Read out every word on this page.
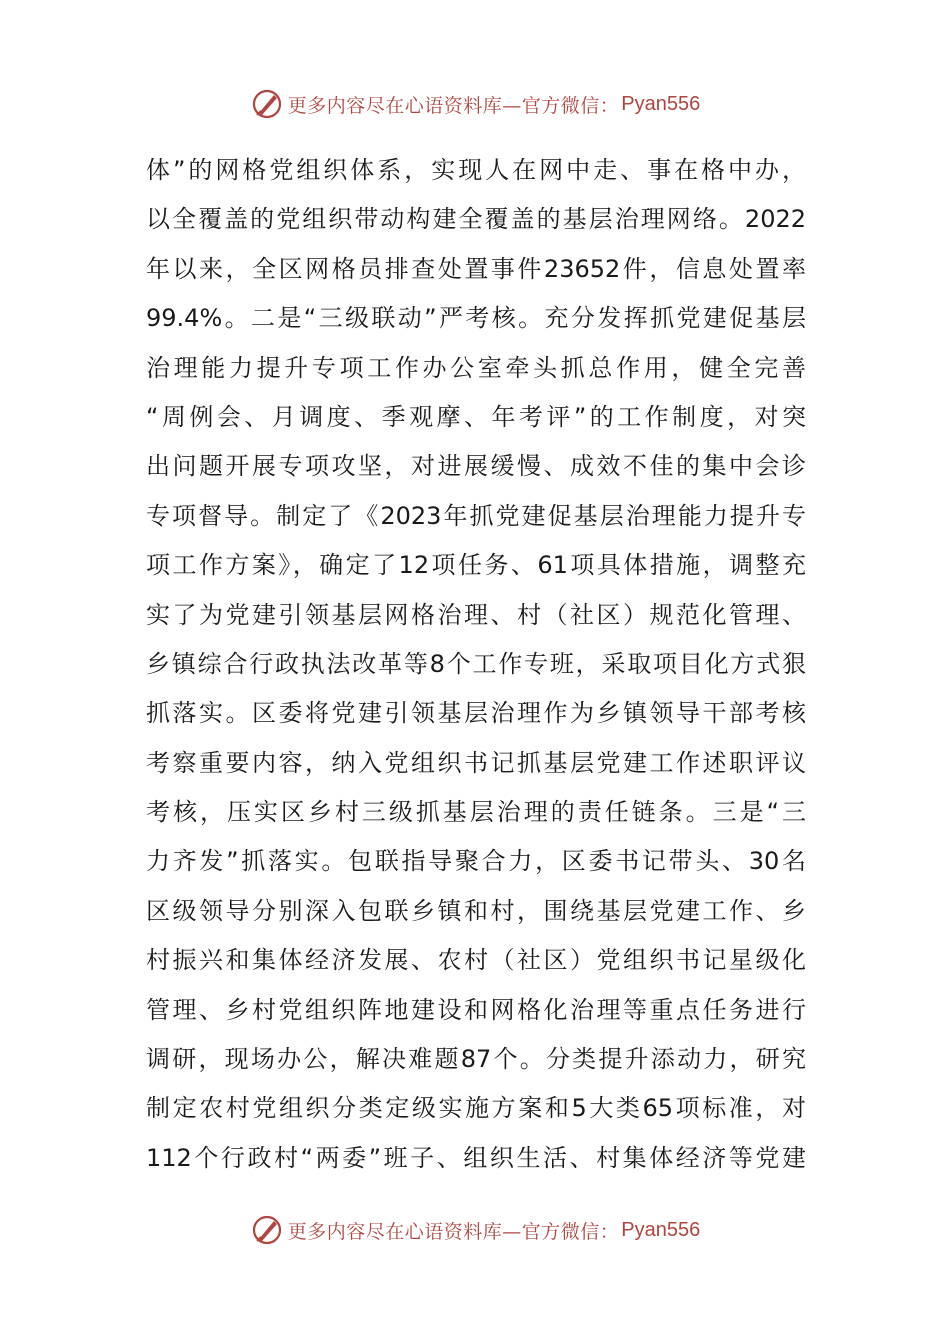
更多内容尽在心语资料库—官方微信： Pyan556
体”的网格党组织体系，实现人在网中走、事在格中办，
以全覆盖的党组织带动构建全覆盖的基层治理网络。2022
年以来，全区网格员排查处置事件23652件，信息处置率
99.4%。二是“三级联动”严考核。充分发挥抓党建促基层
治理能力提升专项工作办公室牵头抓总作用，健全完善
“周例会、月调度、季观摩、年考评”的工作制度，对突
出问题开展专项攻坚，对进展缓慢、成效不佳的集中会诊
专项督导。制定了《2023年抓党建促基层治理能力提升专
项工作方案》，确定了12项任务、61项具体措施，调整充
实了为党建引领基层网格治理、村（社区）规范化管理、
乡镇综合行政执法改革等8个工作专班，采取项目化方式狠
抓落实。区委将党建引领基层治理作为乡镇领导干部考核
考察重要内容，纳入党组织书记抓基层党建工作述职评议
考核，压实区乡村三级抓基层治理的责任链条。三是“三
力齐发”抓落实。包联指导聚合力，区委书记带头、30名
区级领导分别深入包联乡镇和村，围绕基层党建工作、乡
村振兴和集体经济发展、农村（社区）党组织书记星级化
管理、乡村党组织阵地建设和网格化治理等重点任务进行
调研，现场办公，解决难题87个。分类提升添动力，研究
制定农村党组织分类定级实施方案和5大类65项标准，对
112个行政村“两委”班子、组织生活、村集体经济等党建
更多内容尽在心语资料库—官方微信： Pyan556
